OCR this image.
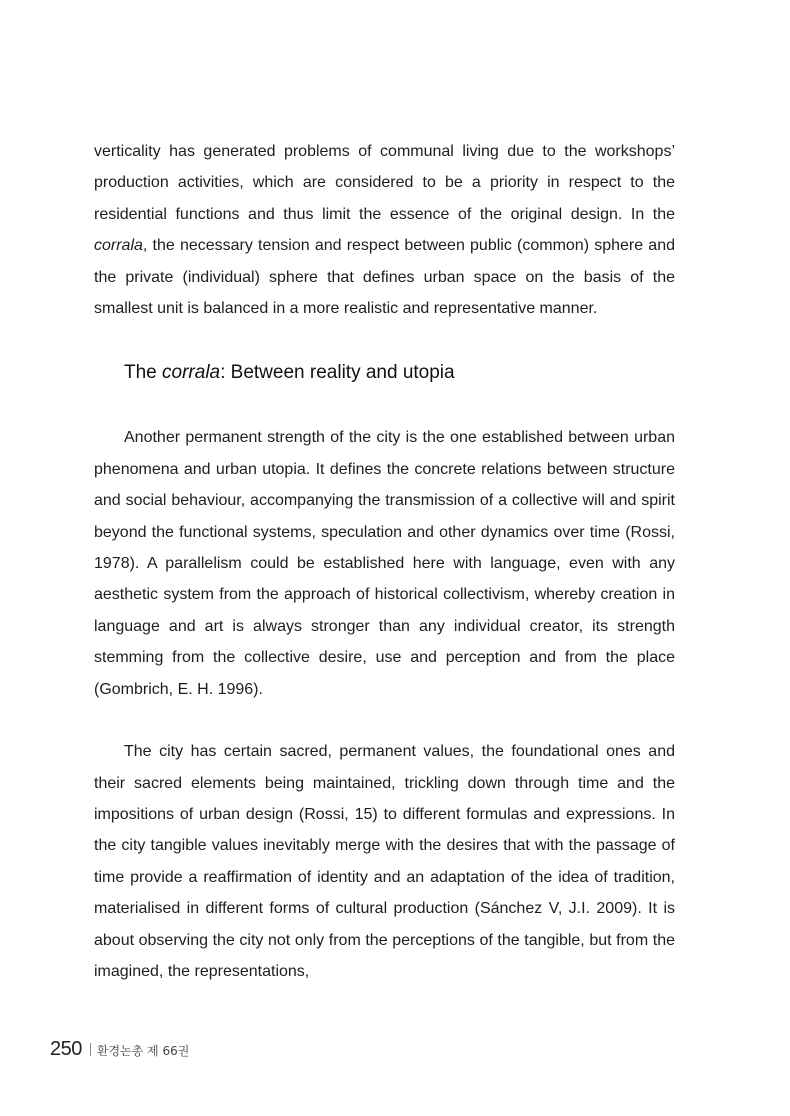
verticality has generated problems of communal living due to the workshops’ production activities, which are considered to be a priority in respect to the residential functions and thus limit the essence of the original design. In the corrala, the necessary tension and respect between public (common) sphere and the private (individual) sphere that defines urban space on the basis of the smallest unit is balanced in a more realistic and representative manner.

The corrala: Between reality and utopia

Another permanent strength of the city is the one established between urban phenomena and urban utopia. It defines the concrete relations between structure and social behaviour, accompanying the transmission of a collective will and spirit beyond the functional systems, speculation and other dynamics over time (Rossi, 1978). A parallelism could be established here with language, even with any aesthetic system from the approach of historical collectivism, whereby creation in language and art is always stronger than any individual creator, its strength stemming from the collective desire, use and perception and from the place (Gombrich, E. H. 1996).

The city has certain sacred, permanent values, the foundational ones and their sacred elements being maintained, trickling down through time and the impositions of urban design (Rossi, 15) to different formulas and expressions. In the city tangible values inevitably merge with the desires that with the passage of time provide a reaffirmation of identity and an adaptation of the idea of tradition, materialised in different forms of cultural production (Sánchez V, J.I. 2009). It is about observing the city not only from the perceptions of the tangible, but from the imagined, the representations,

250 환경논총 제 66권
